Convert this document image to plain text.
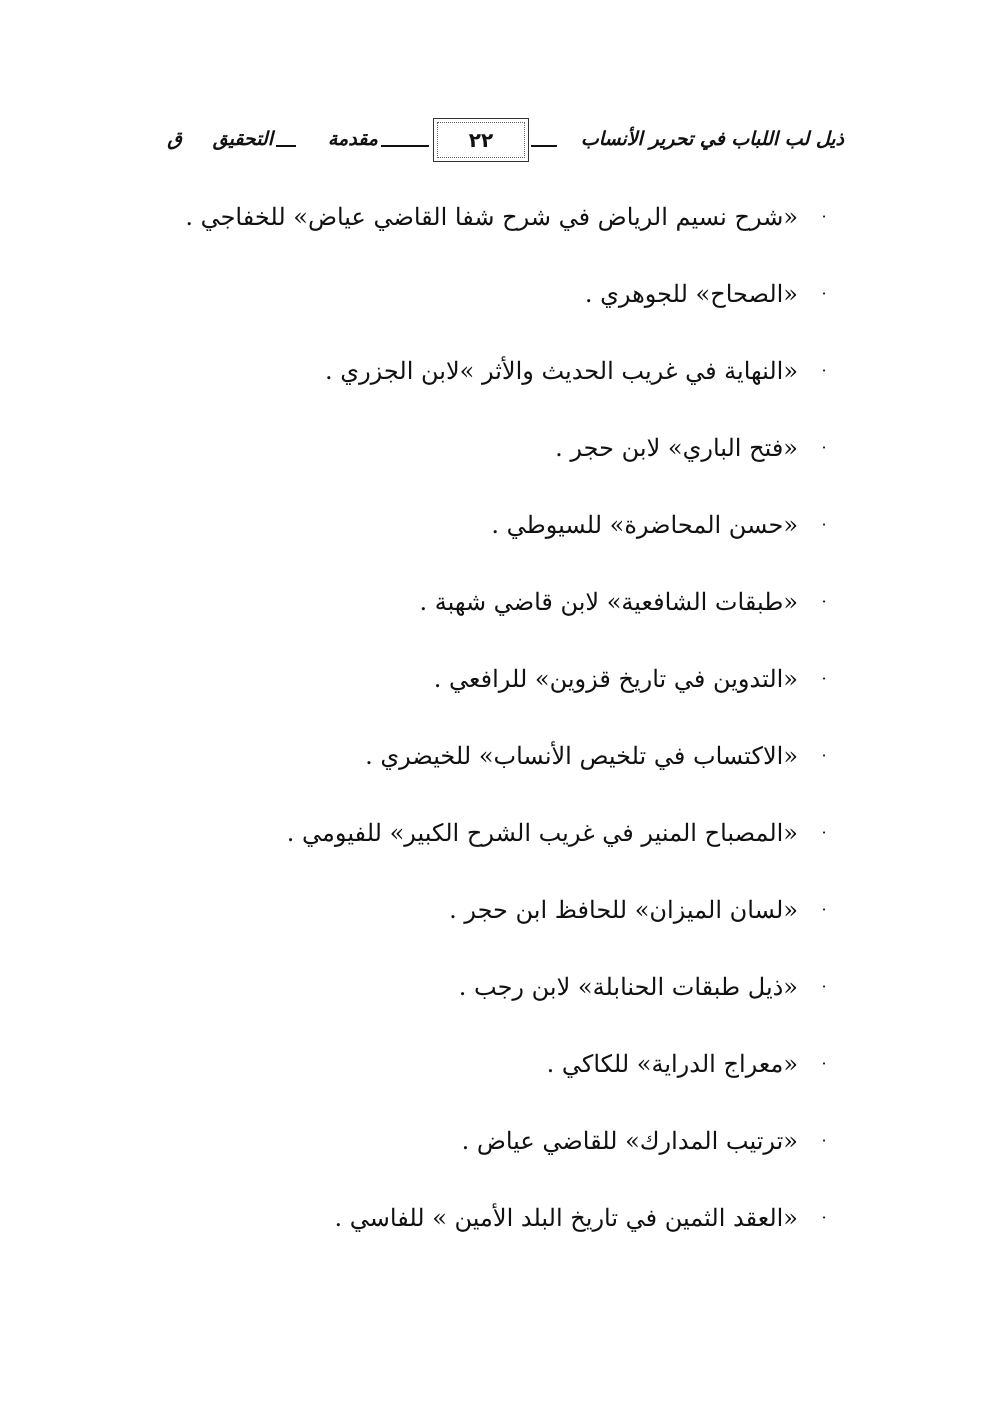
ذيل لب اللباب في تحرير الأنساب
٢٢
مقدمة
التحقيق
ق
·
«شرح نسيم الرياض في شرح شفا القاضي عياض» للخفاجي .
·
«الصحاح» للجوهري .
·
«النهاية في غريب الحديث والأثر »لابن الجزري .
·
«فتح الباري» لابن حجر .
·
«حسن المحاضرة» للسيوطي .
·
«طبقات الشافعية» لابن قاضي شهبة .
·
«التدوين في تاريخ قزوين» للرافعي .
·
«الاكتساب في تلخيص الأنساب» للخيضري .
·
«المصباح المنير في غريب الشرح الكبير» للفيومي .
·
«لسان الميزان» للحافظ ابن حجر .
·
«ذيل طبقات الحنابلة» لابن رجب .
·
«معراج الدراية» للكاكي .
·
«ترتيب المدارك» للقاضي عياض .
·
«العقد الثمين في تاريخ البلد الأمين » للفاسي .
